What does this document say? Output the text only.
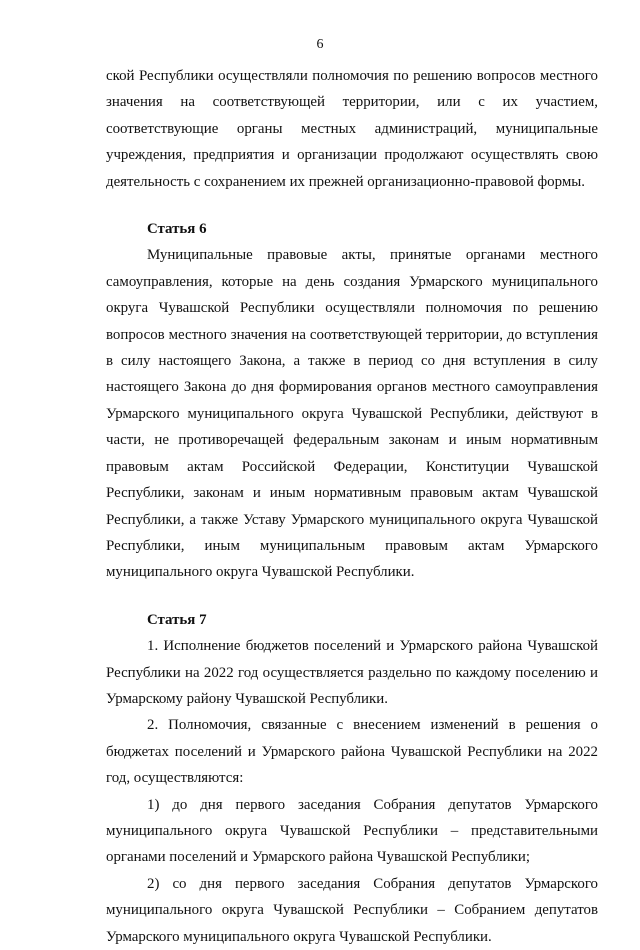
6

ской Республики осуществляли полномочия по решению вопросов местного значения на соответствующей территории, или с их участием, соответствующие органы местных администраций, муниципальные учреждения, предприятия и организации продолжают осуществлять свою деятельность с сохранением их прежней организационно-правовой формы.

Статья 6

Муниципальные правовые акты, принятые органами местного самоуправления, которые на день создания Урмарского муниципального округа Чувашской Республики осуществляли полномочия по решению вопросов местного значения на соответствующей территории, до вступления в силу настоящего Закона, а также в период со дня вступления в силу настоящего Закона до дня формирования органов местного самоуправления Урмарского муниципального округа Чувашской Республики, действуют в части, не противоречащей федеральным законам и иным нормативным правовым актам Российской Федерации, Конституции Чувашской Республики, законам и иным нормативным правовым актам Чувашской Республики, а также Уставу Урмарского муниципального округа Чувашской Республики, иным муниципальным правовым актам Урмарского муниципального округа Чувашской Республики.

Статья 7

1. Исполнение бюджетов поселений и Урмарского района Чувашской Республики на 2022 год осуществляется раздельно по каждому поселению и Урмарскому району Чувашской Республики.

2. Полномочия, связанные с внесением изменений в решения о бюджетах поселений и Урмарского района Чувашской Республики на 2022 год, осуществляются:

1) до дня первого заседания Собрания депутатов Урмарского муниципального округа Чувашской Республики – представительными органами поселений и Урмарского района Чувашской Республики;

2) со дня первого заседания Собрания депутатов Урмарского муниципального округа Чувашской Республики – Собранием депутатов Урмарского муниципального округа Чувашской Республики.
